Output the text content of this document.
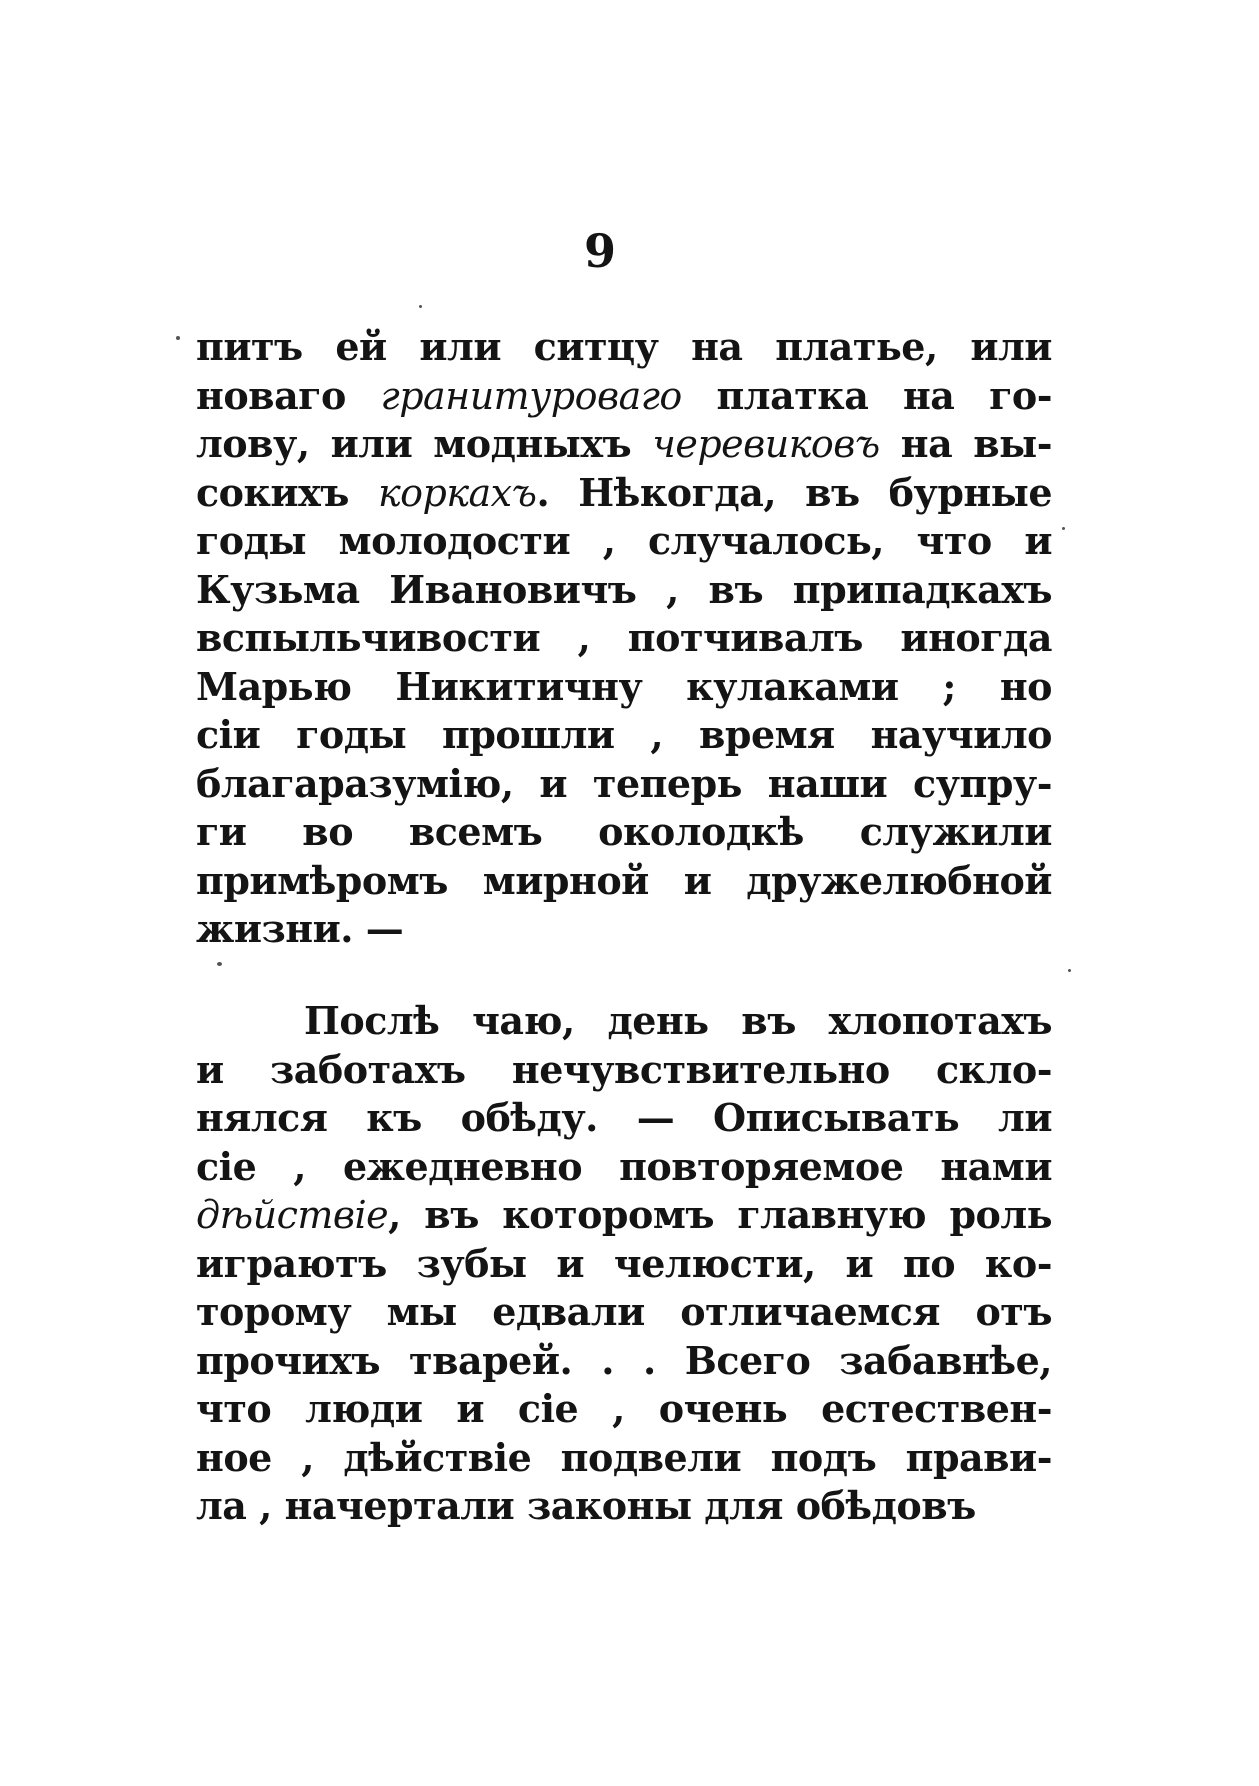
9
питъ ей или ситцу на платье, или
новаго гранитуроваго платка на го-
лову, или модныхъ черевиковъ на вы-
сокихъ коркахъ. Нѣкогда, въ бурные
годы молодости , случалось, что и
Кузьма Ивановичъ , въ припадкахъ
вспыльчивости , потчивалъ иногда
Марью Никитичну кулаками ; но
сіи годы прошли , время научило
благаразумію, и теперь наши супру-
ги во всемъ околодкѣ служили
примѣромъ мирной и дружелюбной
жизни. —
Послѣ чаю, день въ хлопотахъ
и заботахъ нечувствительно скло-
нялся къ обѣду. — Описывать ли
сіе , ежедневно повторяемое нами
дѣйствіе, въ которомъ главную роль
играютъ зубы и челюсти, и по ко-
торому мы едвали отличаемся отъ
прочихъ тварей. . . Всего забавнѣе,
что люди и сіе , очень естествен-
ное , дѣйствіе подвели подъ прави-
ла , начертали законы для обѣдовъ
